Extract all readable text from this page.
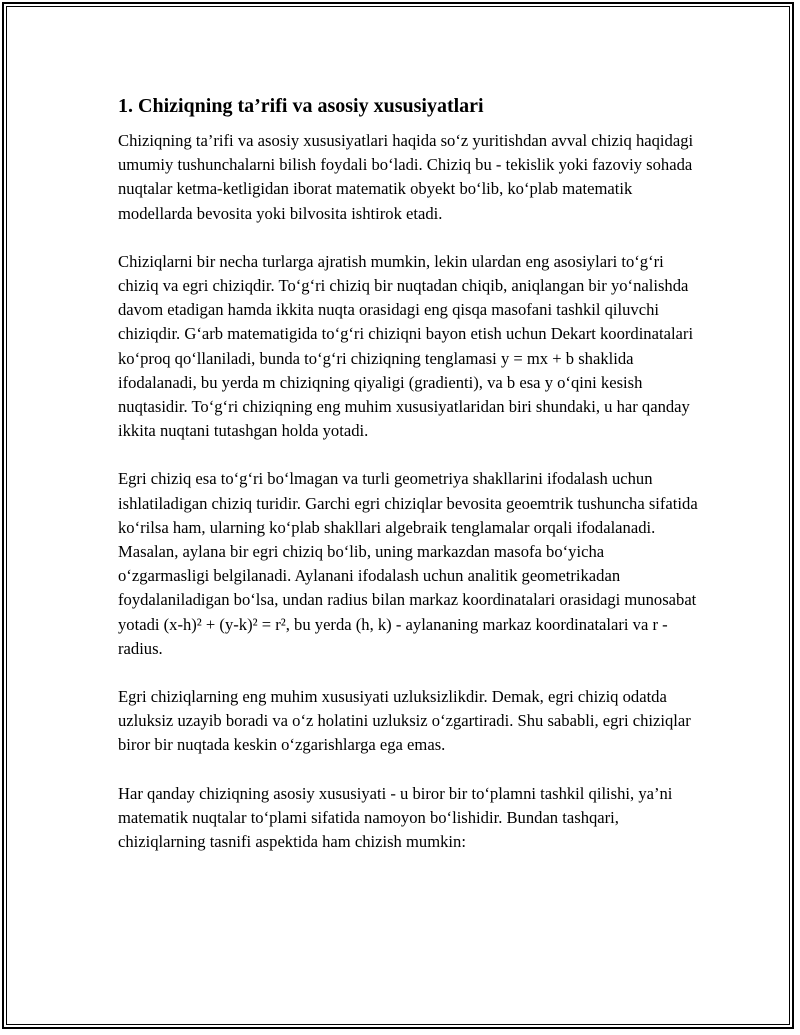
1. Chiziqning ta’rifi va asosiy xususiyatlari

Chiziqning ta’rifi va asosiy xususiyatlari haqida so‘z yuritishdan avval chiziq haqidagi umumiy tushunchalarni bilish foydali bo‘ladi. Chiziq bu - tekislik yoki fazoviy sohada nuqtalar ketma-ketligidan iborat matematik obyekt bo‘lib, ko‘plab matematik modellarda bevosita yoki bilvosita ishtirok etadi.

Chiziqlarni bir necha turlarga ajratish mumkin, lekin ulardan eng asosiylari to‘g‘ri chiziq va egri chiziqdir. To‘g‘ri chiziq bir nuqtadan chiqib, aniqlangan bir yo‘nalishda davom etadigan hamda ikkita nuqta orasidagi eng qisqa masofani tashkil qiluvchi chiziqdir. G‘arb matematigida to‘g‘ri chiziqni bayon etish uchun Dekart koordinatalari ko‘proq qo‘llaniladi, bunda to‘g‘ri chiziqning tenglamasi y = mx + b shaklida ifodalanadi, bu yerda m chiziqning qiyaligi (gradienti), va b esa y o‘qini kesish nuqtasidir. To‘g‘ri chiziqning eng muhim xususiyatlaridan biri shundaki, u har qanday ikkita nuqtani tutashgan holda yotadi.

Egri chiziq esa to‘g‘ri bo‘lmagan va turli geometriya shakllarini ifodalash uchun ishlatiladigan chiziq turidir. Garchi egri chiziqlar bevosita geoemtrik tushuncha sifatida ko‘rilsa ham, ularning ko‘plab shakllari algebraik tenglamalar orqali ifodalanadi. Masalan, aylana bir egri chiziq bo‘lib, uning markazdan masofa bo‘yicha o‘zgarmasligi belgilanadi. Aylanani ifodalash uchun analitik geometrikadan foydalaniladigan bo‘lsa, undan radius bilan markaz koordinatalari orasidagi munosabat yotadi (x-h)² + (y-k)² = r², bu yerda (h, k) - aylananing markaz koordinatalari va r - radius.

Egri chiziqlarning eng muhim xususiyati uzluksizlikdir. Demak, egri chiziq odatda uzluksiz uzayib boradi va o‘z holatini uzluksiz o‘zgartiradi. Shu sababli, egri chiziqlar biror bir nuqtada keskin o‘zgarishlarga ega emas.

Har qanday chiziqning asosiy xususiyati - u biror bir to‘plamni tashkil qilishi, ya’ni matematik nuqtalar to‘plami sifatida namoyon bo‘lishidir. Bundan tashqari, chiziqlarning tasnifi aspektida ham chizish mumkin:
